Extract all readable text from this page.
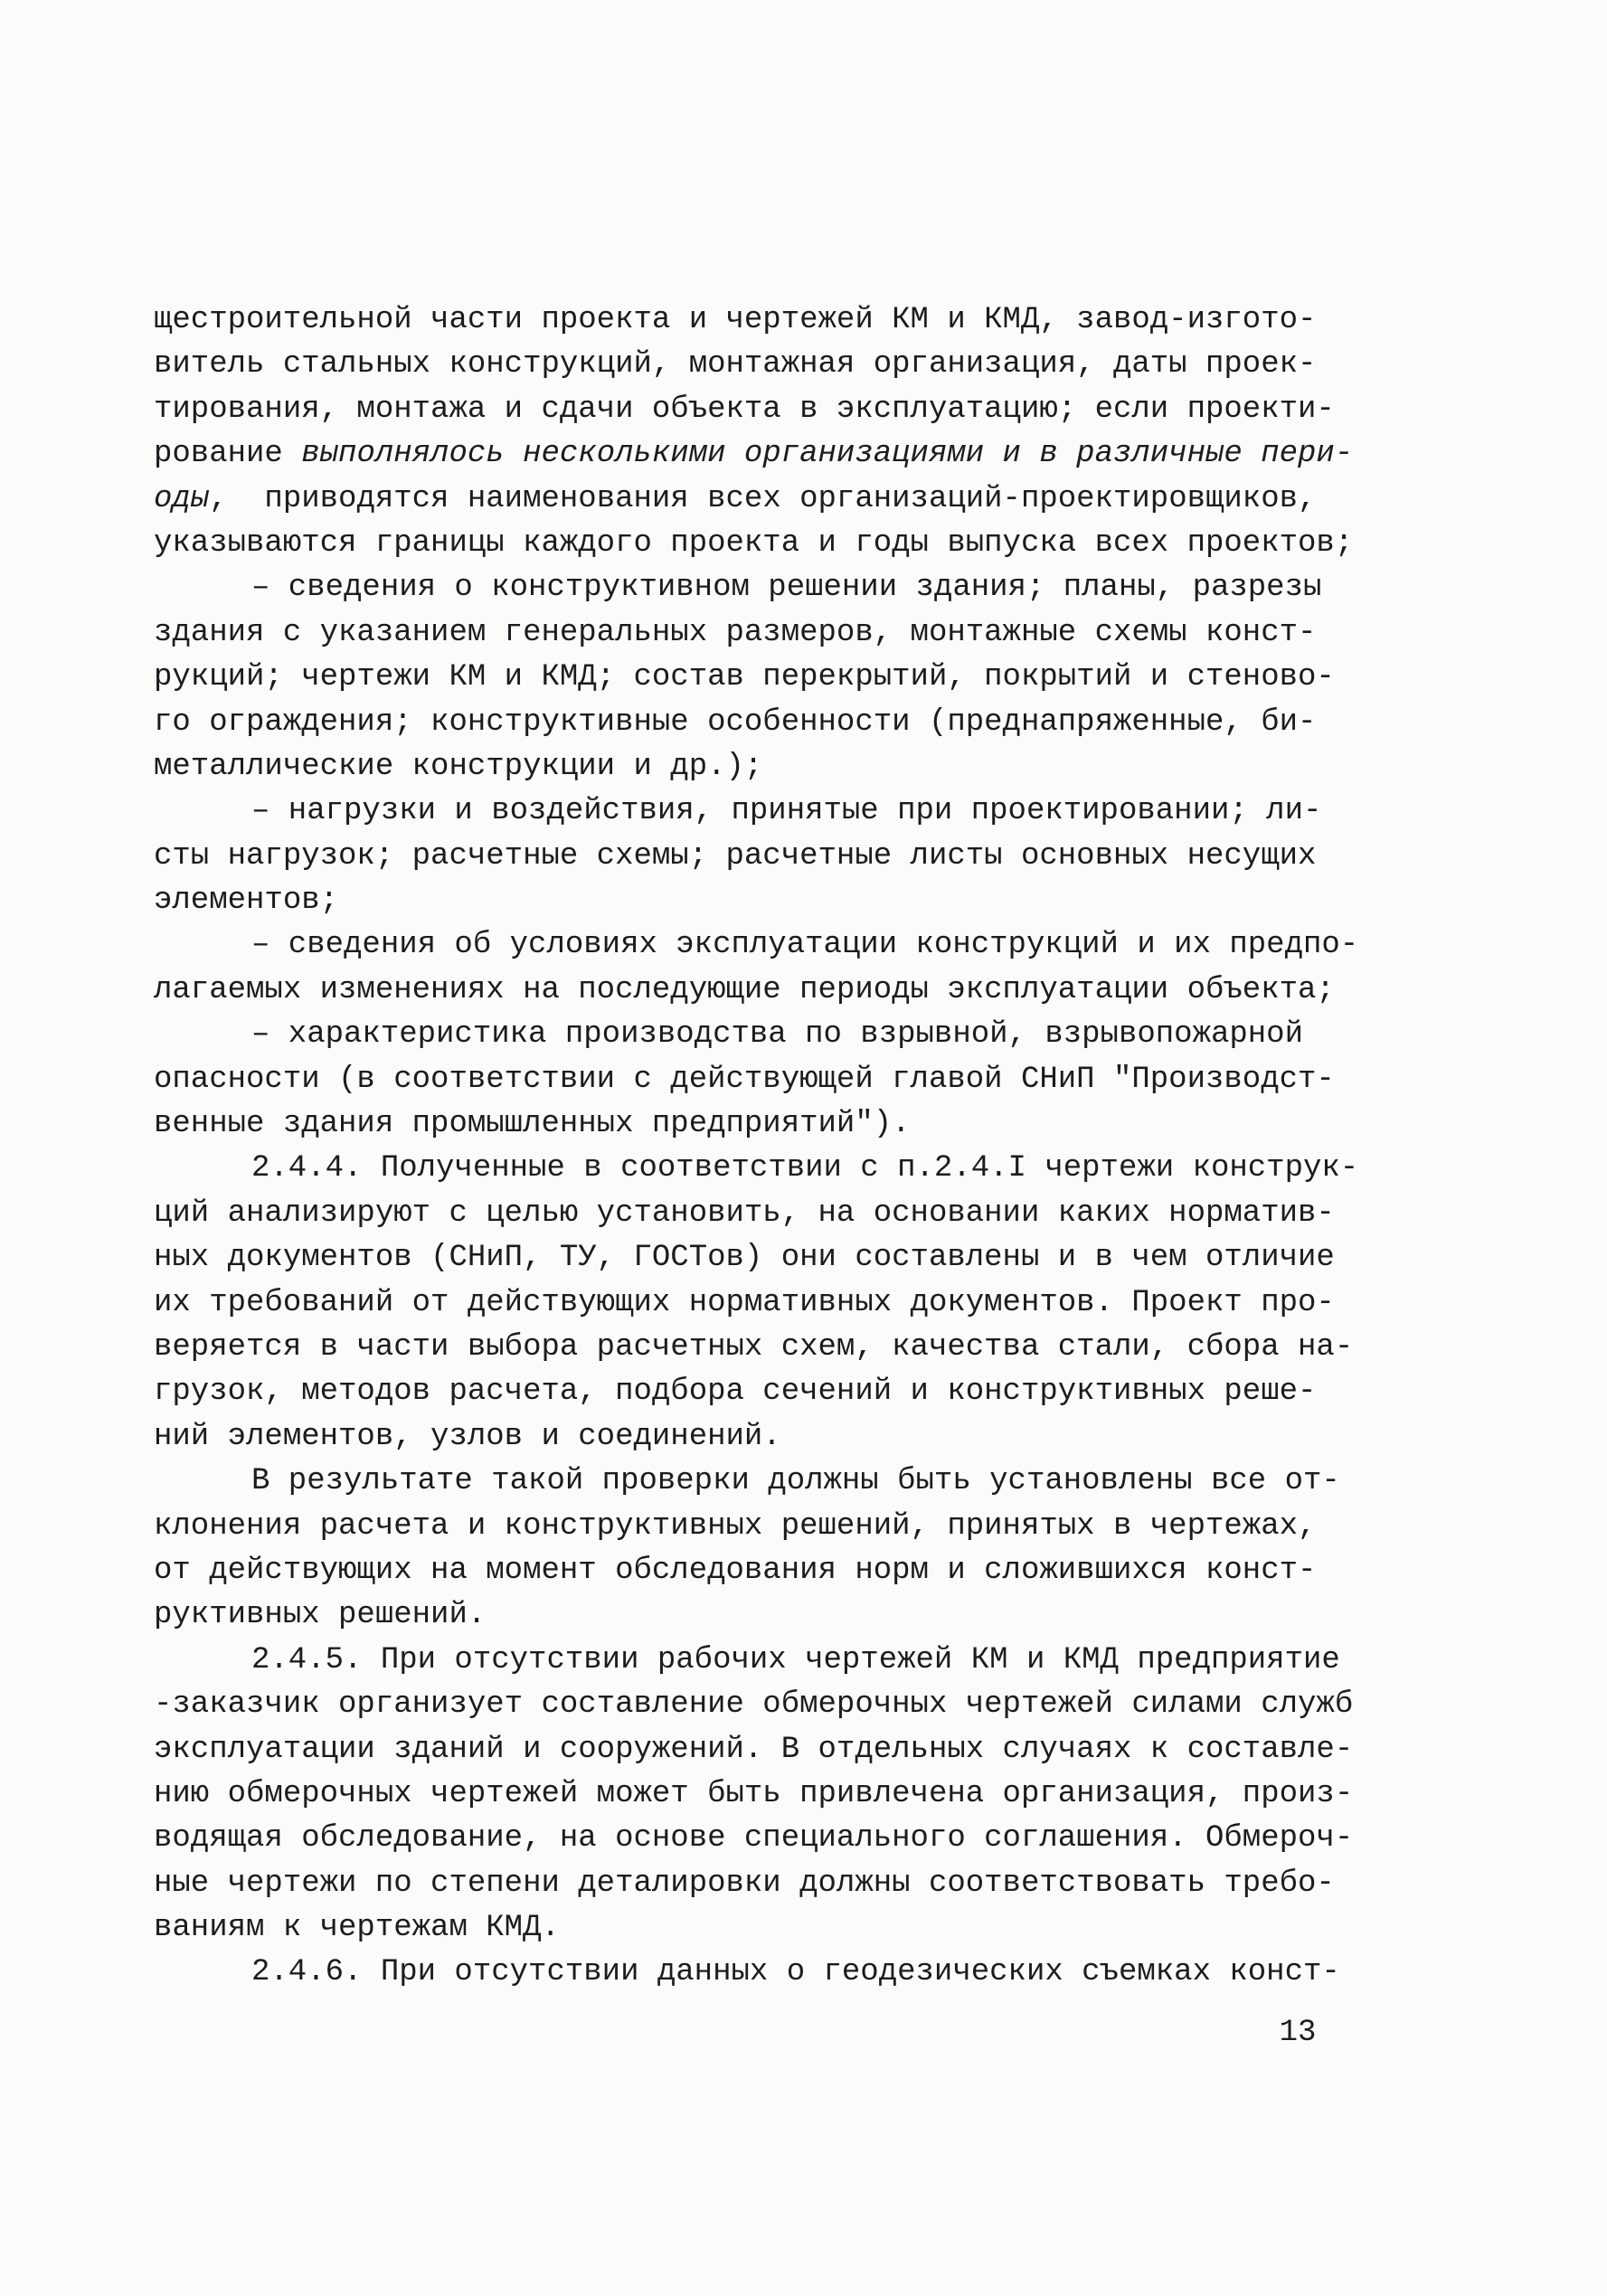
щестроительной части проекта и чертежей КМ и КМД, завод-изгото-
витель стальных конструкций, монтажная организация, даты проек-
тирования, монтажа и сдачи объекта в эксплуатацию; если проекти-
рование выполнялось несколькими организациями и в различные пери-
оды,  приводятся наименования всех организаций-проектировщиков,
указываются границы каждого проекта и годы выпуска всех проектов;
– сведения о конструктивном решении здания; планы, разрезы
здания с указанием генеральных размеров, монтажные схемы конст-
рукций; чертежи КМ и КМД; состав перекрытий, покрытий и стеново-
го ограждения; конструктивные особенности (преднапряженные, би-
металлические конструкции и др.);
– нагрузки и воздействия, принятые при проектировании; ли-
сты нагрузок; расчетные схемы; расчетные листы основных несущих
элементов;
– сведения об условиях эксплуатации конструкций и их предпо-
лагаемых изменениях на последующие периоды эксплуатации объекта;
– характеристика производства по взрывной, взрывопожарной
опасности (в соответствии с действующей главой СНиП "Производст-
венные здания промышленных предприятий").
2.4.4. Полученные в соответствии с п.2.4.I чертежи конструк-
ций анализируют с целью установить, на основании каких норматив-
ных документов (СНиП, ТУ, ГОСТов) они составлены и в чем отличие
их требований от действующих нормативных документов. Проект про-
веряется в части выбора расчетных схем, качества стали, сбора на-
грузок, методов расчета, подбора сечений и конструктивных реше-
ний элементов, узлов и соединений.
В результате такой проверки должны быть установлены все от-
клонения расчета и конструктивных решений, принятых в чертежах,
от действующих на момент обследования норм и сложившихся конст-
руктивных решений.
2.4.5. При отсутствии рабочих чертежей КМ и КМД предприятие
-заказчик организует составление обмерочных чертежей силами служб
эксплуатации зданий и сооружений. В отдельных случаях к составле-
нию обмерочных чертежей может быть привлечена организация, произ-
водящая обследование, на основе специального соглашения. Обмероч-
ные чертежи по степени деталировки должны соответствовать требо-
ваниям к чертежам КМД.
2.4.6. При отсутствии данных о геодезических съемках конст-
13
